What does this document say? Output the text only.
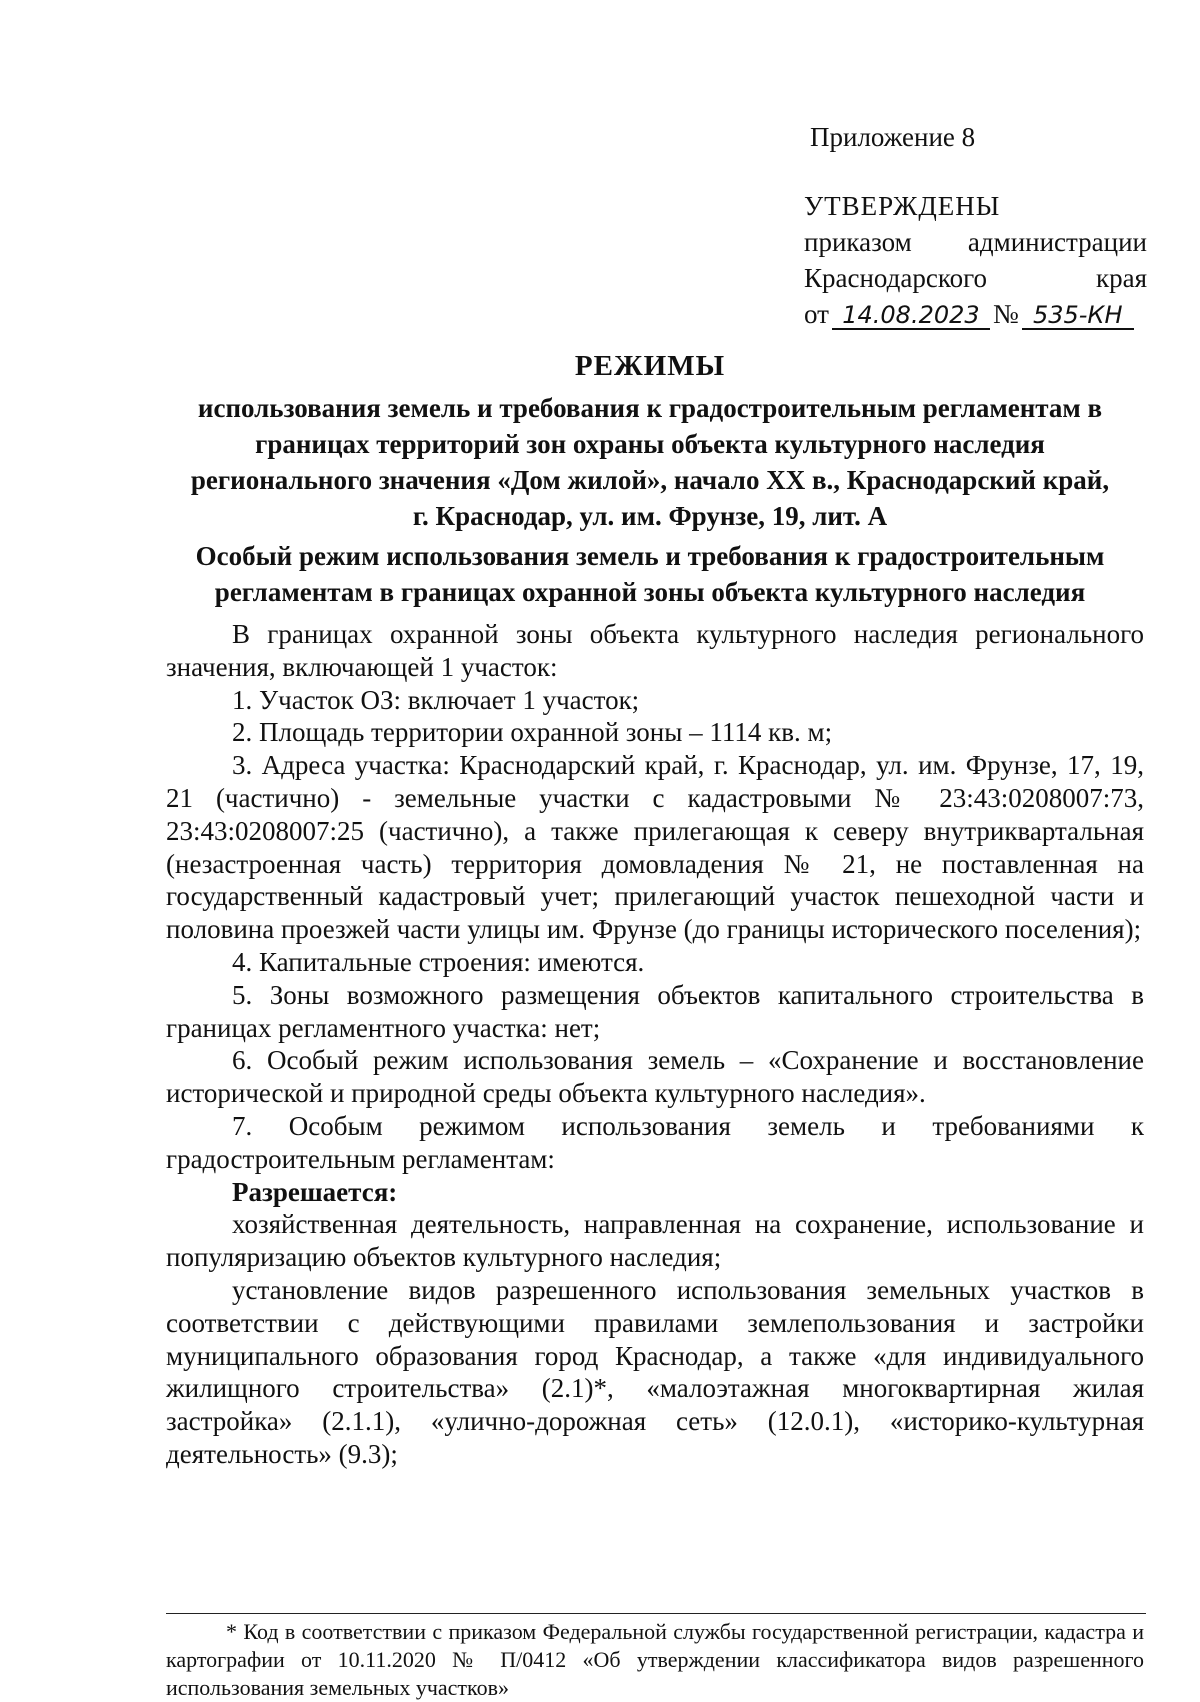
Приложение 8
УТВЕРЖДЕНЫ
приказом администрации
Краснодарского	края
от 14.08.2023 № 535-КН
РЕЖИМЫ
использования земель и требования к градостроительным регламентам в
границах территорий зон охраны объекта культурного наследия
регионального значения «Дом жилой», начало XX в., Краснодарский край,
г. Краснодар, ул. им. Фрунзе, 19, лит. А
Особый режим использования земель и требования к градостроительным
регламентам в границах охранной зоны объекта культурного наследия

В границах охранной зоны объекта культурного наследия регионального значения, включающей 1 участок:

1. Участок ОЗ: включает 1 участок;

2. Площадь территории охранной зоны – 1114 кв. м;

3. Адреса участка: Краснодарский край, г. Краснодар, ул. им. Фрунзе, 17, 19, 21 (частично) - земельные участки с кадастровыми № 23:43:0208007:73, 23:43:0208007:25 (частично), а также прилегающая к северу внутриквартальная (незастроенная часть) территория домовладения № 21, не поставленная на государственный кадастровый учет; прилегающий участок пешеходной части и половина проезжей части улицы им. Фрунзе (до границы исторического поселения);

4. Капитальные строения: имеются.

5. Зоны возможного размещения объектов капитального строительства в границах регламентного участка: нет;

6. Особый режим использования земель – «Сохранение и восстановление исторической и природной среды объекта культурного наследия».

7. Особым режимом использования земель и требованиями к градостроительным регламентам:

Разрешается:

хозяйственная деятельность, направленная на сохранение, использование и популяризацию объектов культурного наследия;

установление видов разрешенного использования земельных участков в соответствии с действующими правилами землепользования и застройки муниципального образования город Краснодар, а также «для индивидуального жилищного строительства» (2.1)*, «малоэтажная многоквартирная жилая застройка» (2.1.1), «улично-дорожная сеть» (12.0.1), «историко-культурная деятельность» (9.3);

* Код в соответствии с приказом Федеральной службы государственной регистрации, кадастра и картографии от 10.11.2020 № П/0412 «Об утверждении классификатора видов разрешенного использования земельных участков»
